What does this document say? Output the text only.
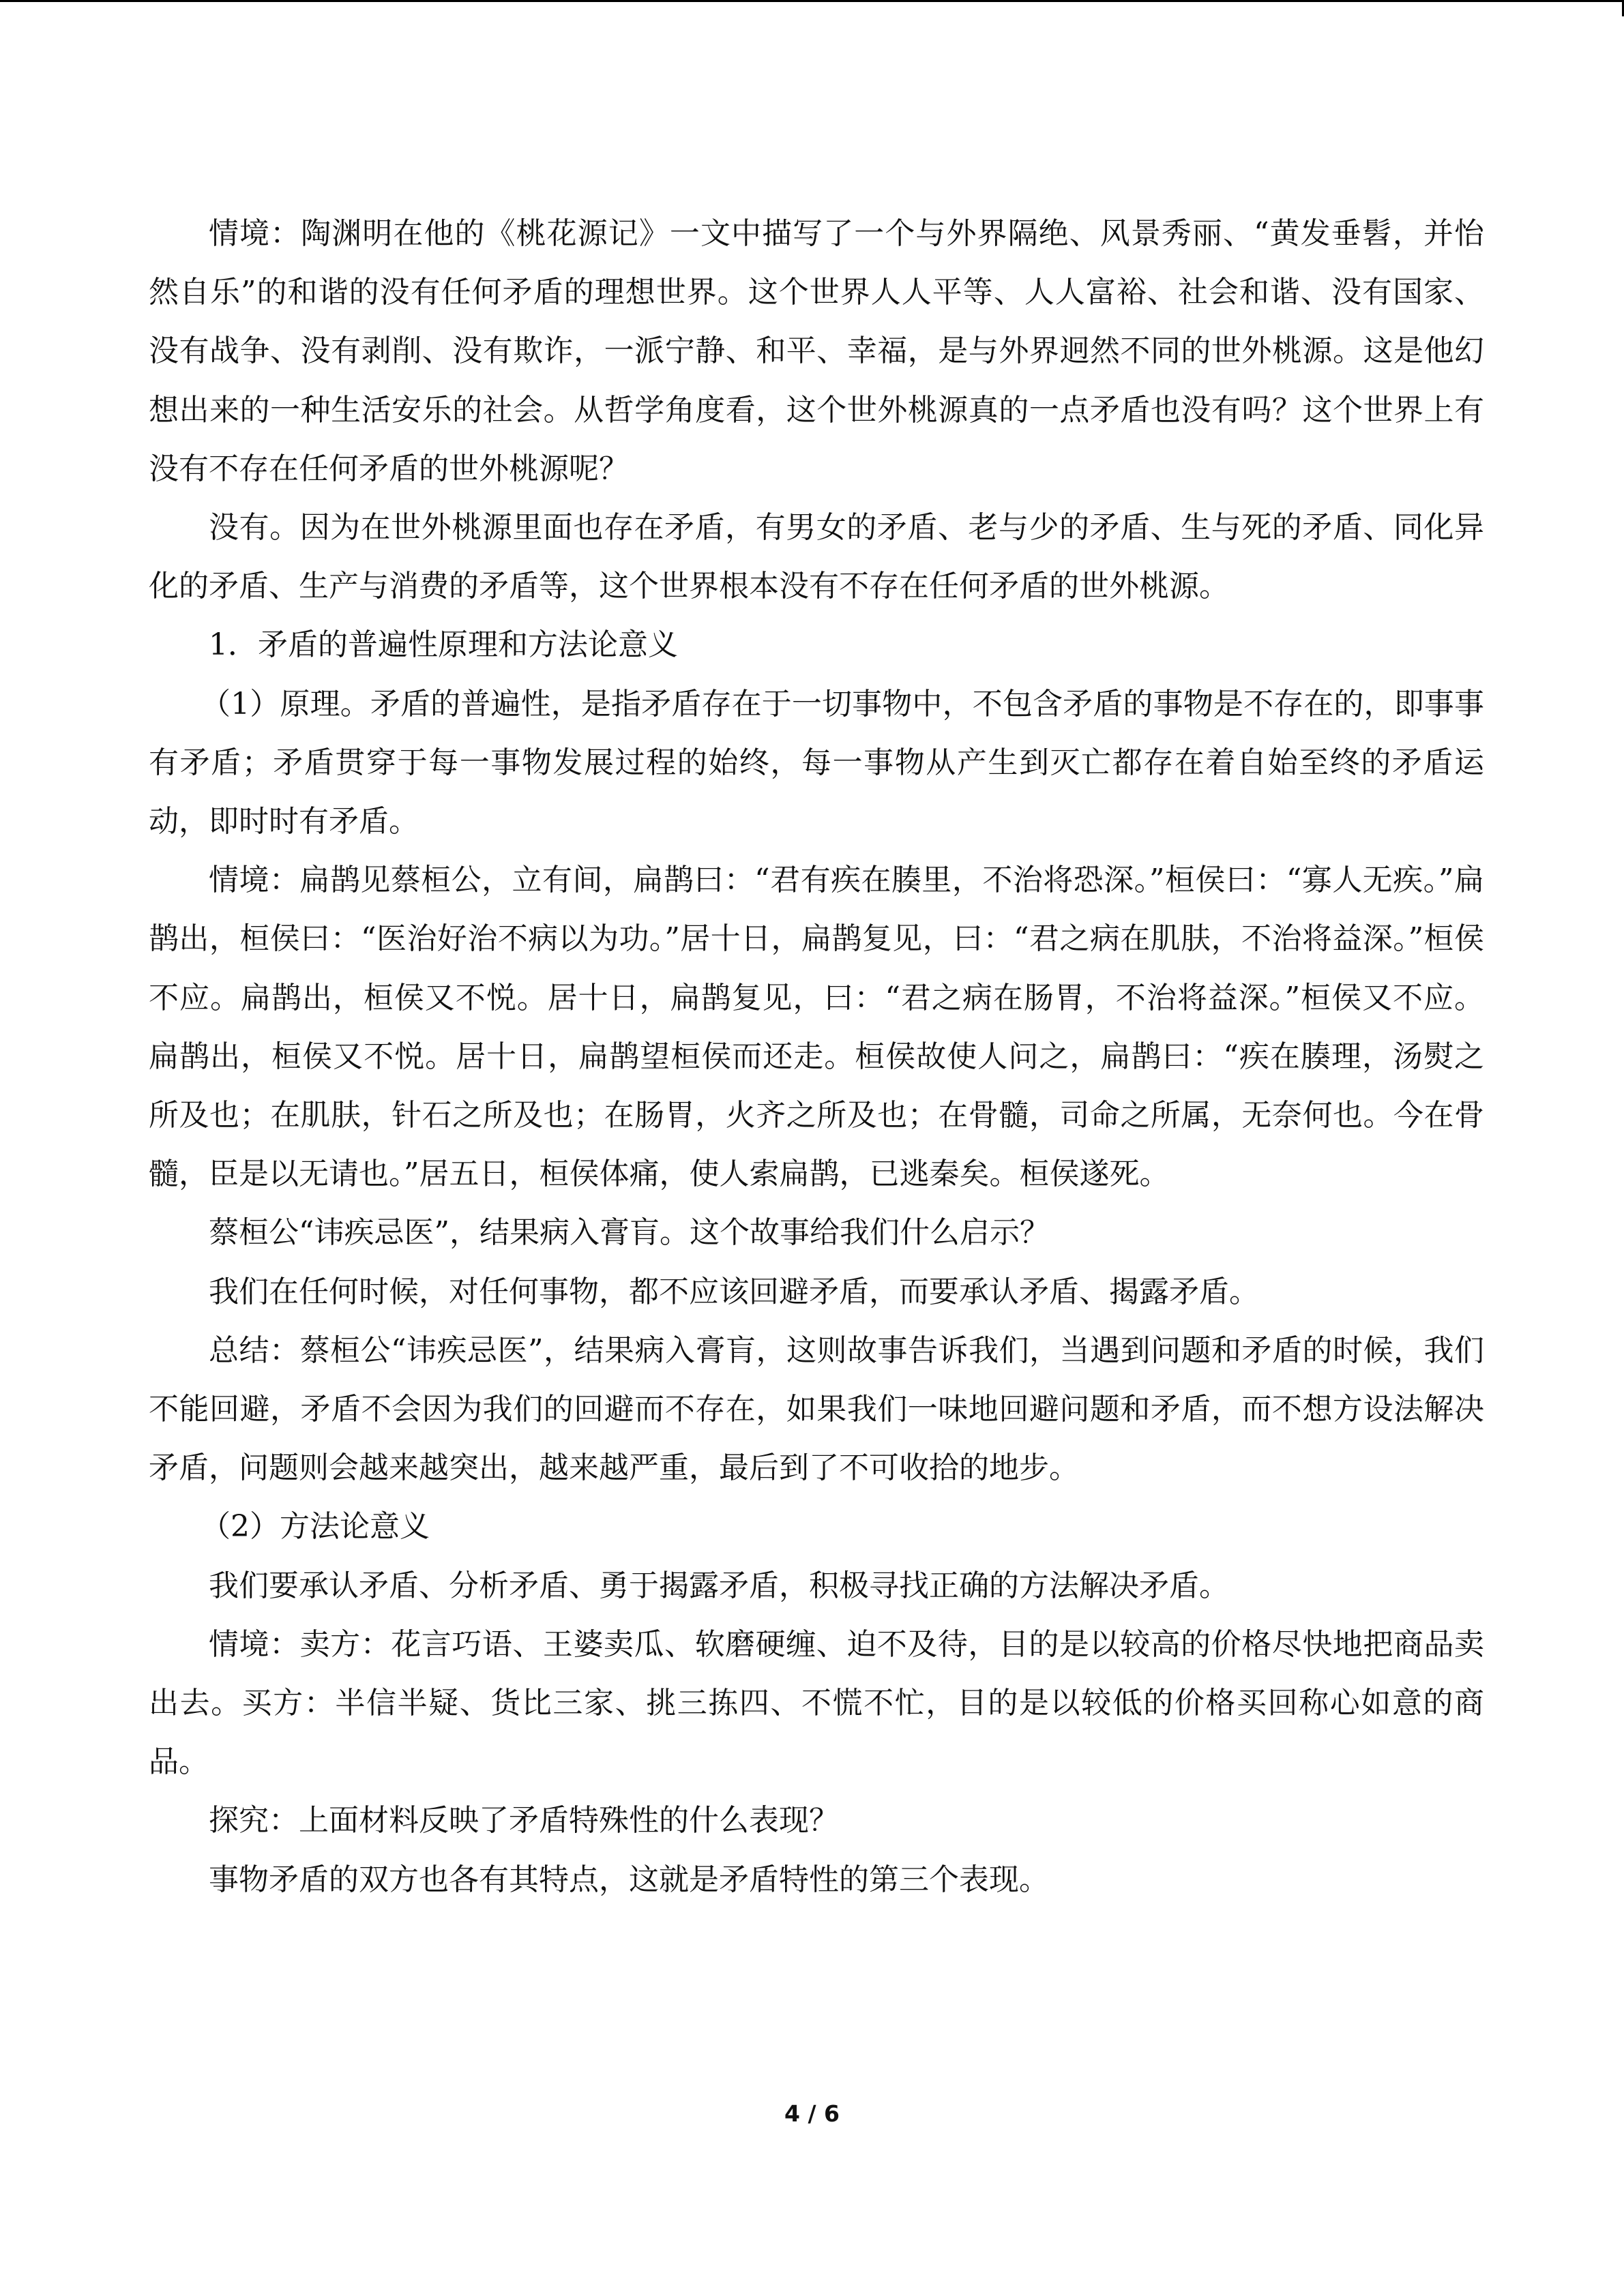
情境：陶渊明在他的《桃花源记》一文中描写了一个与外界隔绝、风景秀丽、“黄发垂髫，并怡然自乐”的和谐的没有任何矛盾的理想世界。这个世界人人平等、人人富裕、社会和谐、没有国家、没有战争、没有剥削、没有欺诈，一派宁静、和平、幸福，是与外界迥然不同的世外桃源。这是他幻想出来的一种生活安乐的社会。从哲学角度看，这个世外桃源真的一点矛盾也没有吗？这个世界上有没有不存在任何矛盾的世外桃源呢？

没有。因为在世外桃源里面也存在矛盾，有男女的矛盾、老与少的矛盾、生与死的矛盾、同化异化的矛盾、生产与消费的矛盾等，这个世界根本没有不存在任何矛盾的世外桃源。

1．矛盾的普遍性原理和方法论意义

（1）原理。矛盾的普遍性，是指矛盾存在于一切事物中，不包含矛盾的事物是不存在的，即事事有矛盾；矛盾贯穿于每一事物发展过程的始终，每一事物从产生到灭亡都存在着自始至终的矛盾运动，即时时有矛盾。

情境：扁鹊见蔡桓公，立有间，扁鹊曰：“君有疾在腠里，不治将恐深。”桓侯曰：“寡人无疾。”扁鹊出，桓侯曰：“医治好治不病以为功。”居十日，扁鹊复见，曰：“君之病在肌肤，不治将益深。”桓侯不应。扁鹊出，桓侯又不悦。居十日，扁鹊复见，曰：“君之病在肠胃，不治将益深。”桓侯又不应。扁鹊出，桓侯又不悦。居十日，扁鹊望桓侯而还走。桓侯故使人问之，扁鹊曰：“疾在腠理，汤熨之所及也；在肌肤，针石之所及也；在肠胃，火齐之所及也；在骨髓，司命之所属，无奈何也。今在骨髓，臣是以无请也。”居五日，桓侯体痛，使人索扁鹊，已逃秦矣。桓侯遂死。

蔡桓公“讳疾忌医”，结果病入膏肓。这个故事给我们什么启示？

我们在任何时候，对任何事物，都不应该回避矛盾，而要承认矛盾、揭露矛盾。

总结：蔡桓公“讳疾忌医”，结果病入膏肓，这则故事告诉我们，当遇到问题和矛盾的时候，我们不能回避，矛盾不会因为我们的回避而不存在，如果我们一味地回避问题和矛盾，而不想方设法解决矛盾，问题则会越来越突出，越来越严重，最后到了不可收拾的地步。

（2）方法论意义

我们要承认矛盾、分析矛盾、勇于揭露矛盾，积极寻找正确的方法解决矛盾。

情境：卖方：花言巧语、王婆卖瓜、软磨硬缠、迫不及待，目的是以较高的价格尽快地把商品卖出去。买方：半信半疑、货比三家、挑三拣四、不慌不忙，目的是以较低的价格买回称心如意的商品。

探究：上面材料反映了矛盾特殊性的什么表现？

事物矛盾的双方也各有其特点，这就是矛盾特性的第三个表现。

4 / 6
